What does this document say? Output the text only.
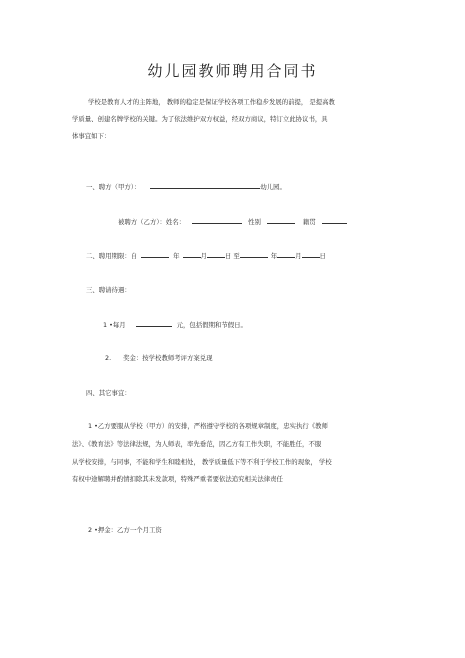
幼儿园教师聘用合同书
学校是教育人才的主阵地， 教师的稳定是保证学校各项工作稳步发展的前提， 是提高教
学质量、创建名牌学校的关键。为了依法维护双方权益，经双方商议，特订立此协议书，具
体事宜如下：
一、聘方（甲方）：	幼儿园。
被聘方（乙方）：姓名：	性别	籍贯
二、聘用期限：自	年	月	日 至	年	月	日
三、聘请待遇：
1 •每月	元，包括假期和节假日。
2. 奖金：按学校教师考评方案兑现
四、其它事宜：
1 •乙方要服从学校（甲方）的安排，严格遵守学校的各项规章制度，忠实执行《教师
法》、《教育法》等法律法规，为人师表，率先垂范，因乙方有工作失职，不能胜任，不服
从学校安排，与同事，不能和学生和睦相处， 教学质量低下等不利于学校工作的现象， 学校
有权中途解聘并酌情扣除其未发款项，特殊严重者要依法追究相关法律责任
2 •押金：乙方一个月工资
